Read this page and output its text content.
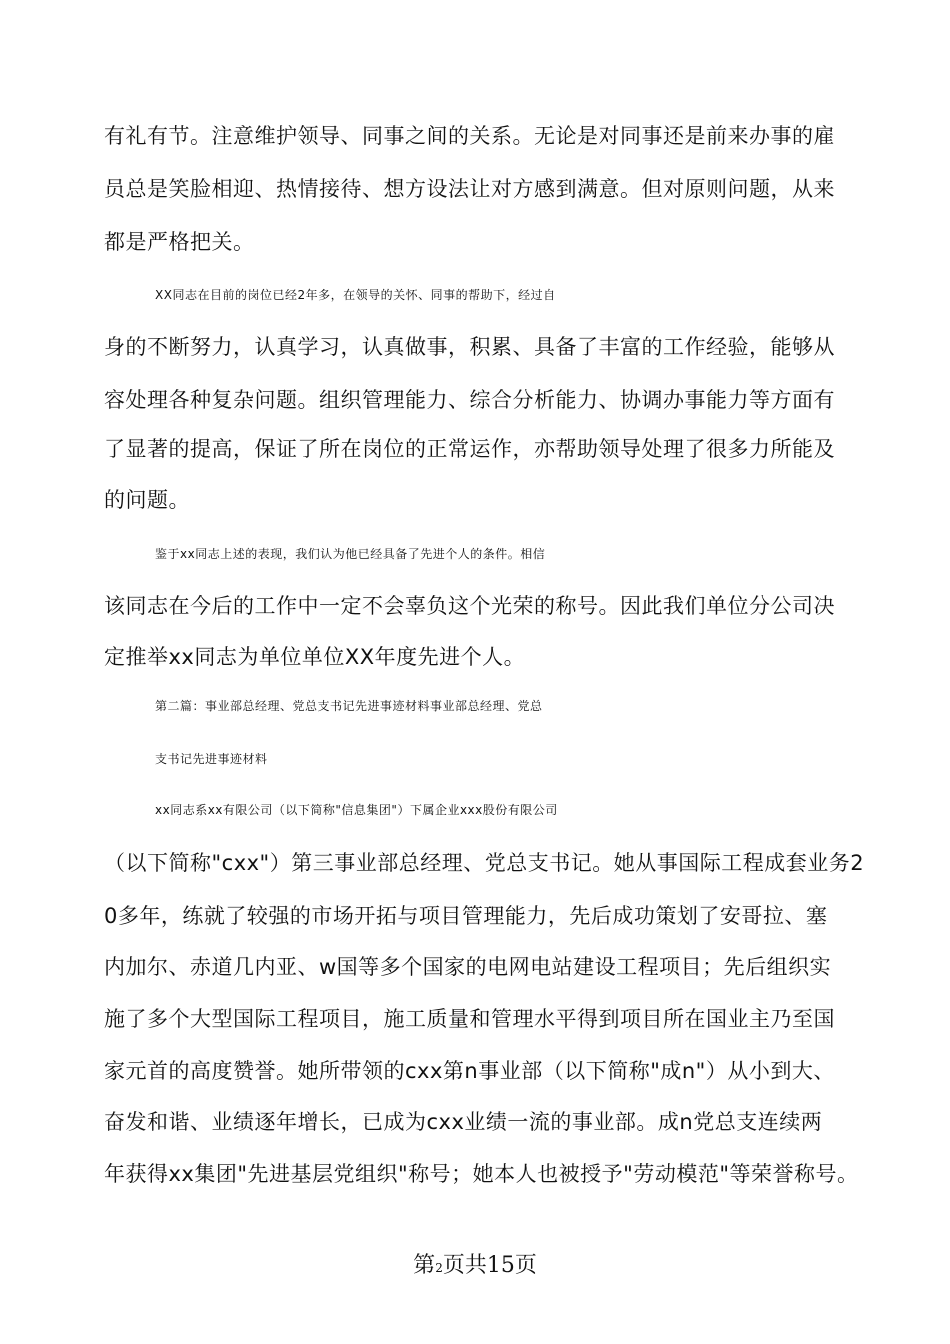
有礼有节。注意维护领导、同事之间的关系。无论是对同事还是前来办事的雇
员总是笑脸相迎、热情接待、想方设法让对方感到满意。但对原则问题，从来
都是严格把关。
XX同志在目前的岗位已经2年多，在领导的关怀、同事的帮助下，经过自
身的不断努力，认真学习，认真做事，积累、具备了丰富的工作经验，能够从
容处理各种复杂问题。组织管理能力、综合分析能力、协调办事能力等方面有
了显著的提高，保证了所在岗位的正常运作，亦帮助领导处理了很多力所能及
的问题。
鉴于xx同志上述的表现，我们认为他已经具备了先进个人的条件。相信
该同志在今后的工作中一定不会辜负这个光荣的称号。因此我们单位分公司决
定推举xx同志为单位单位XX年度先进个人。
第二篇：事业部总经理、党总支书记先进事迹材料事业部总经理、党总
支书记先进事迹材料
xx同志系xx有限公司（以下简称"信息集团"）下属企业xxx股份有限公司
（以下简称"cxx"）第三事业部总经理、党总支书记。她从事国际工程成套业务2
0多年，练就了较强的市场开拓与项目管理能力，先后成功策划了安哥拉、塞
内加尔、赤道几内亚、w国等多个国家的电网电站建设工程项目；先后组织实
施了多个大型国际工程项目，施工质量和管理水平得到项目所在国业主乃至国
家元首的高度赞誉。她所带领的cxx第n事业部（以下简称"成n"）从小到大、
奋发和谐、业绩逐年增长，已成为cxx业绩一流的事业部。成n党总支连续两
年获得xx集团"先进基层党组织"称号；她本人也被授予"劳动模范"等荣誉称号。
第2页共15页
